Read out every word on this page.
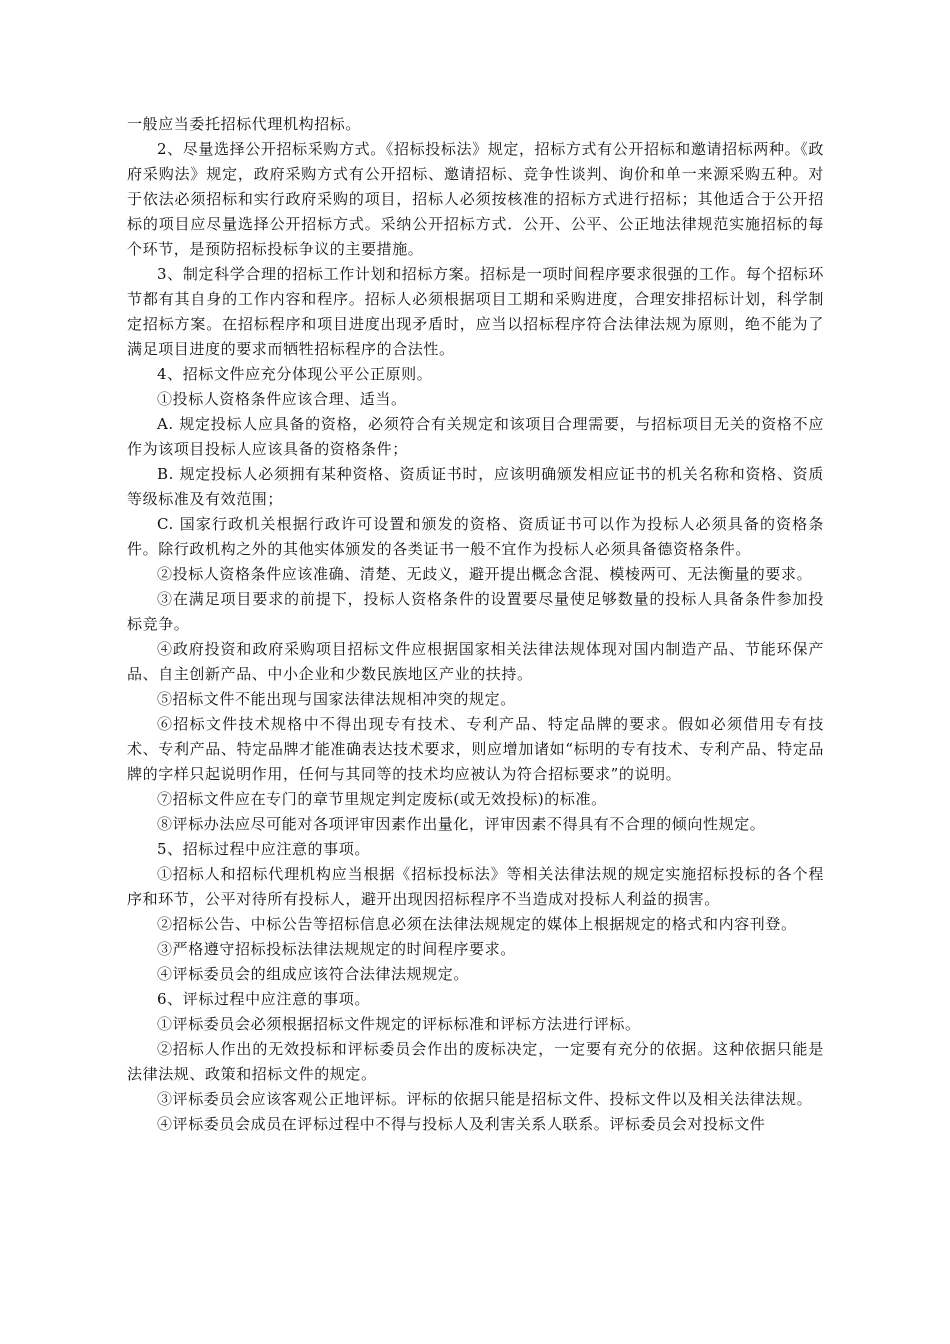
一般应当委托招标代理机构招标。

2、尽量选择公开招标采购方式。《招标投标法》规定，招标方式有公开招标和邀请招标两种。《政府采购法》规定，政府采购方式有公开招标、邀请招标、竞争性谈判、询价和单一来源采购五种。对于依法必须招标和实行政府采购的项目，招标人必须按核准的招标方式进行招标；其他适合于公开招标的项目应尽量选择公开招标方式。采纳公开招标方式．公开、公平、公正地法律规范实施招标的每个环节，是预防招标投标争议的主要措施。

3、制定科学合理的招标工作计划和招标方案。招标是一项时间程序要求很强的工作。每个招标环节都有其自身的工作内容和程序。招标人必须根据项目工期和采购进度，合理安排招标计划，科学制定招标方案。在招标程序和项目进度出现矛盾时，应当以招标程序符合法律法规为原则，绝不能为了满足项目进度的要求而牺牲招标程序的合法性。

4、招标文件应充分体现公平公正原则。

①投标人资格条件应该合理、适当。

A. 规定投标人应具备的资格，必须符合有关规定和该项目合理需要，与招标项目无关的资格不应作为该项目投标人应该具备的资格条件；

B. 规定投标人必须拥有某种资格、资质证书时，应该明确颁发相应证书的机关名称和资格、资质等级标准及有效范围；

C. 国家行政机关根据行政许可设置和颁发的资格、资质证书可以作为投标人必须具备的资格条件。除行政机构之外的其他实体颁发的各类证书一般不宜作为投标人必须具备德资格条件。

②投标人资格条件应该准确、清楚、无歧义，避开提出概念含混、模棱两可、无法衡量的要求。

③在满足项目要求的前提下，投标人资格条件的设置要尽量使足够数量的投标人具备条件参加投标竞争。

④政府投资和政府采购项目招标文件应根据国家相关法律法规体现对国内制造产品、节能环保产品、自主创新产品、中小企业和少数民族地区产业的扶持。

⑤招标文件不能出现与国家法律法规相冲突的规定。

⑥招标文件技术规格中不得出现专有技术、专利产品、特定品牌的要求。假如必须借用专有技术、专利产品、特定品牌才能准确表达技术要求，则应增加诸如“标明的专有技术、专利产品、特定品牌的字样只起说明作用，任何与其同等的技术均应被认为符合招标要求”的说明。

⑦招标文件应在专门的章节里规定判定废标(或无效投标)的标准。

⑧评标办法应尽可能对各项评审因素作出量化，评审因素不得具有不合理的倾向性规定。

5、招标过程中应注意的事项。

①招标人和招标代理机构应当根据《招标投标法》等相关法律法规的规定实施招标投标的各个程序和环节，公平对待所有投标人，避开出现因招标程序不当造成对投标人利益的损害。

②招标公告、中标公告等招标信息必须在法律法规规定的媒体上根据规定的格式和内容刊登。

③严格遵守招标投标法律法规规定的时间程序要求。

④评标委员会的组成应该符合法律法规规定。

6、评标过程中应注意的事项。

①评标委员会必须根据招标文件规定的评标标准和评标方法进行评标。

②招标人作出的无效投标和评标委员会作出的废标决定，一定要有充分的依据。这种依据只能是法律法规、政策和招标文件的规定。

③评标委员会应该客观公正地评标。评标的依据只能是招标文件、投标文件以及相关法律法规。

④评标委员会成员在评标过程中不得与投标人及利害关系人联系。评标委员会对投标文件
